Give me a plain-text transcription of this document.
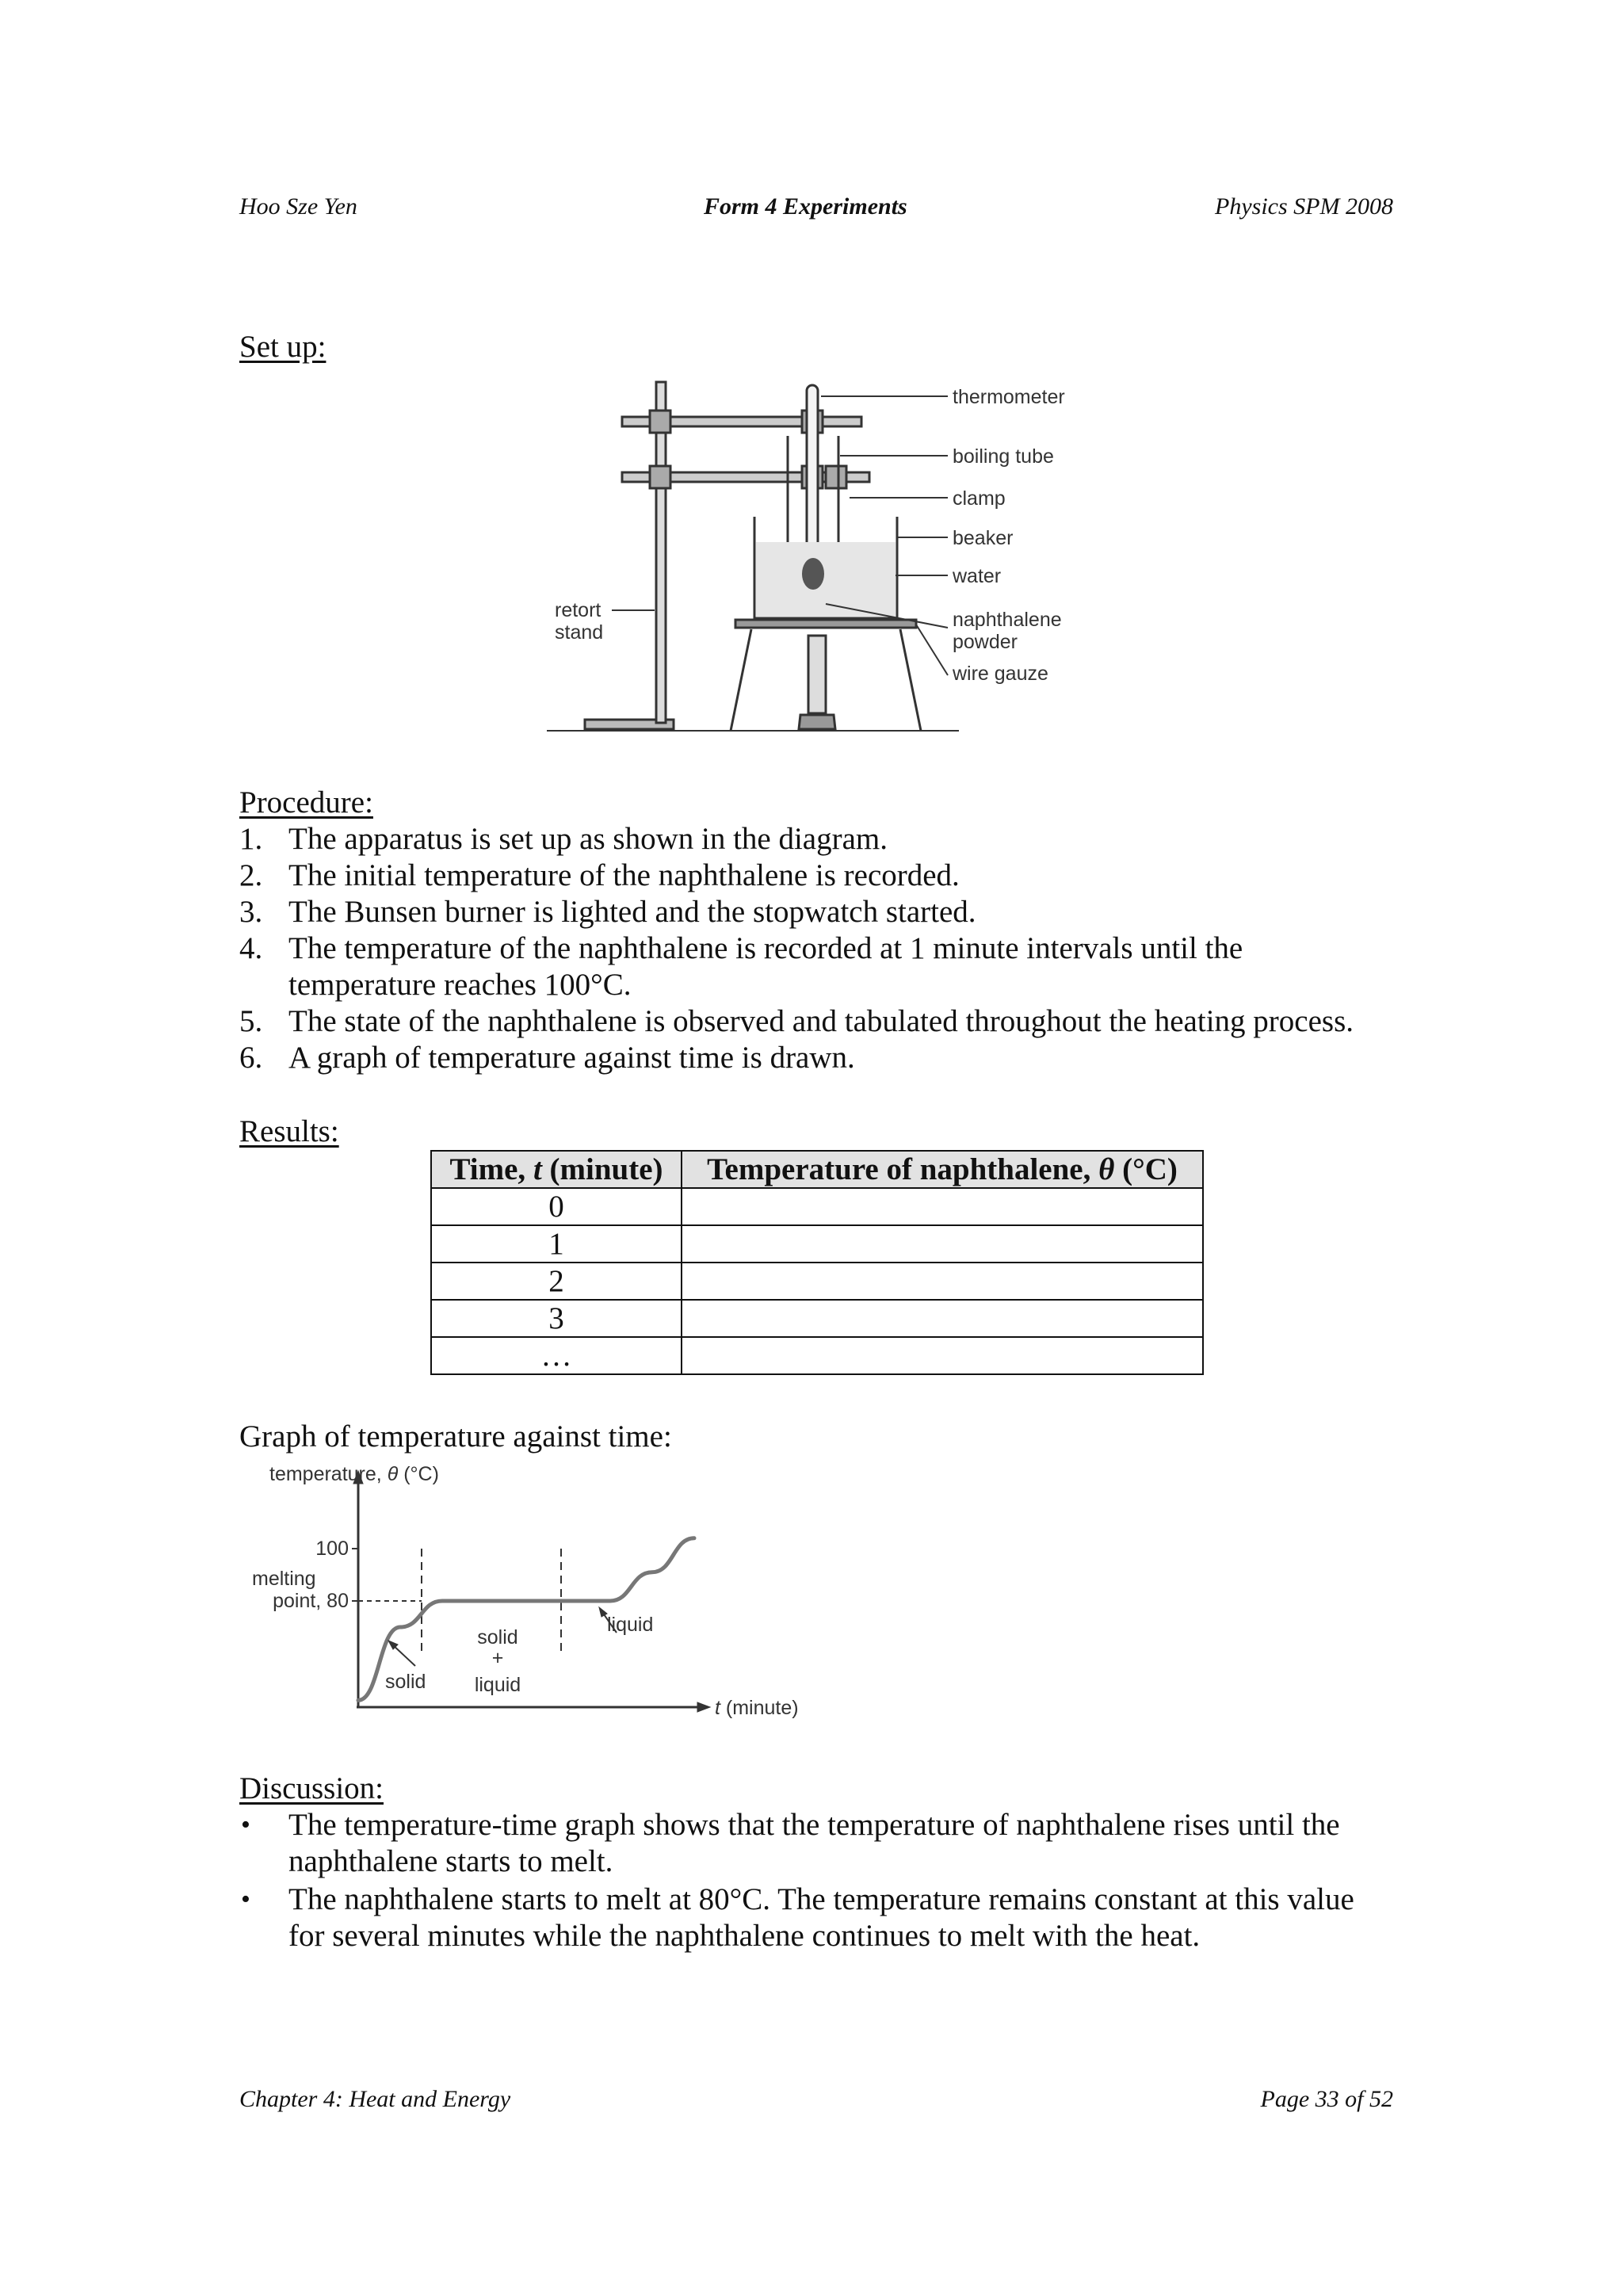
Hoo Sze Yen	Form 4 Experiments	Physics SPM 2008
Set up:
thermometer
boiling tube
clamp
beaker
water
naphthalene
powder
wire gauze
retort
stand
Procedure:
1. The apparatus is set up as shown in the diagram.
2. The initial temperature of the naphthalene is recorded.
3. The Bunsen burner is lighted and the stopwatch started.
4. The temperature of the naphthalene is recorded at 1 minute intervals until the temperature reaches 100°C.
5. The state of the naphthalene is observed and tabulated throughout the heating process.
6. A graph of temperature against time is drawn.
Results:
Time, t (minute)	Temperature of naphthalene, θ (°C)
0	
1	
2	
3	
…	
Graph of temperature against time:
temperature, θ (°C)
100
melting
point, 80
t (minute)
solid
solid
+
liquid
liquid
Discussion:
• The temperature-time graph shows that the temperature of naphthalene rises until the naphthalene starts to melt.
• The naphthalene starts to melt at 80°C. The temperature remains constant at this value for several minutes while the naphthalene continues to melt with the heat.
Chapter 4: Heat and Energy	Page 33 of 52
